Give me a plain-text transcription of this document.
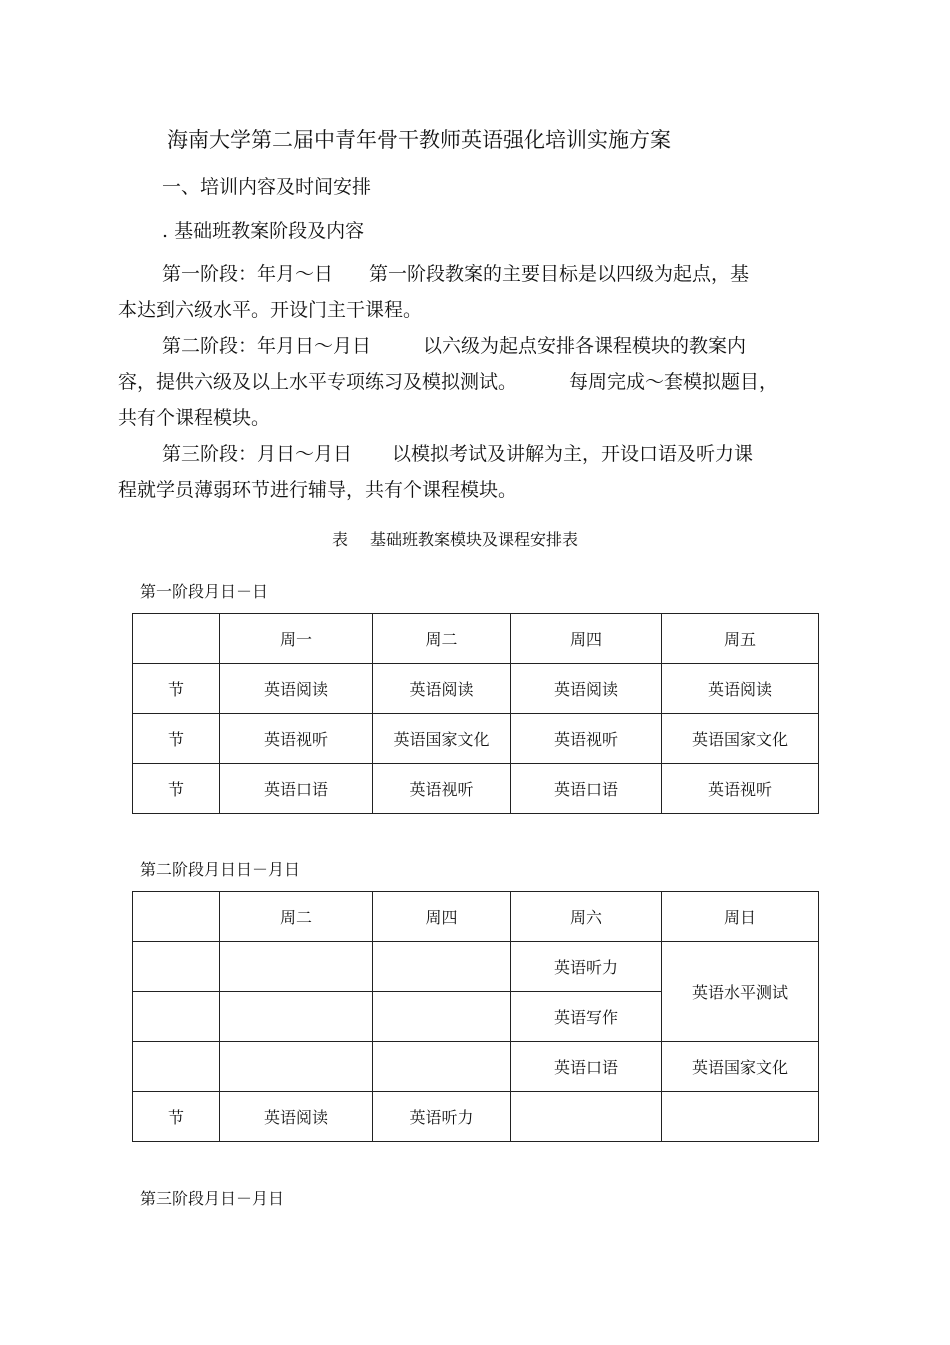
海南大学第二届中青年骨干教师英语强化培训实施方案
一、培训内容及时间安排
. 基础班教案阶段及内容
第一阶段：年月～日 第一阶段教案的主要目标是以四级为起点，基
本达到六级水平。开设门主干课程。
第二阶段：年月日～月日	以六级为起点安排各课程模块的教案内
容，提供六级及以上水平专项练习及模拟测试。	每周完成～套模拟题目，
共有个课程模块。
第三阶段：月日～月日 以模拟考试及讲解为主，开设口语及听力课
程就学员薄弱环节进行辅导，共有个课程模块。
表 基础班教案模块及课程安排表
第一阶段月日－日
	周一	周二	周四	周五
节	英语阅读	英语阅读	英语阅读	英语阅读
节	英语视听	英语国家文化	英语视听	英语国家文化
节	英语口语	英语视听	英语口语	英语视听
第二阶段月日日－月日
	周二	周四	周六	周日
			英语听力	英语水平测试
			英语写作	
			英语口语	英语国家文化
节	英语阅读	英语听力		
第三阶段月日－月日
